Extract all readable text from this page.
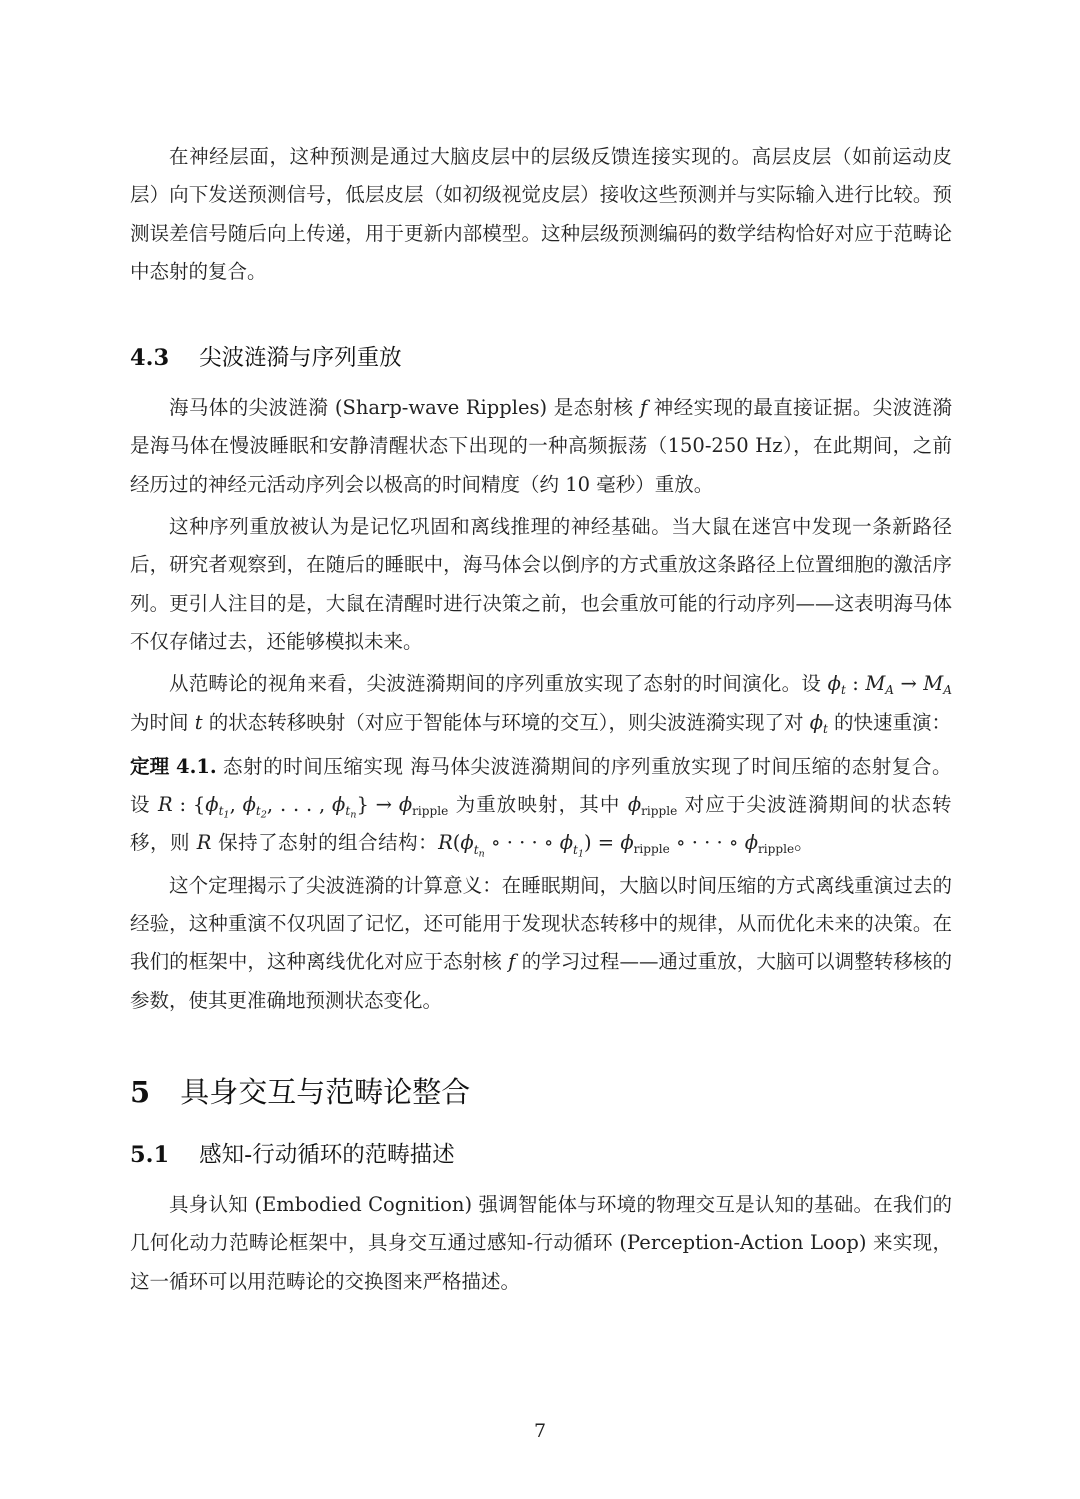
在神经层面，这种预测是通过大脑皮层中的层级反馈连接实现的。高层皮层（如前运动皮层）向下发送预测信号，低层皮层（如初级视觉皮层）接收这些预测并与实际输入进行比较。预测误差信号随后向上传递，用于更新内部模型。这种层级预测编码的数学结构恰好对应于范畴论中态射的复合。

4.3 尖波涟漪与序列重放

海马体的尖波涟漪 (Sharp-wave Ripples) 是态射核 f 神经实现的最直接证据。尖波涟漪是海马体在慢波睡眠和安静清醒状态下出现的一种高频振荡（150-250 Hz），在此期间，之前经历过的神经元活动序列会以极高的时间精度（约 10 毫秒）重放。

这种序列重放被认为是记忆巩固和离线推理的神经基础。当大鼠在迷宫中发现一条新路径后，研究者观察到，在随后的睡眠中，海马体会以倒序的方式重放这条路径上位置细胞的激活序列。更引人注目的是，大鼠在清醒时进行决策之前，也会重放可能的行动序列——这表明海马体不仅存储过去，还能够模拟未来。

从范畴论的视角来看，尖波涟漪期间的序列重放实现了态射的时间演化。设 $\phi_t$ : $M_A \to M_A$ 为时间 t 的状态转移映射（对应于智能体与环境的交互），则尖波涟漪实现了对 $\phi_t$ 的快速重演：

定理 4.1. 态射的时间压缩实现 海马体尖波涟漪期间的序列重放实现了时间压缩的态射复合。设 R : {$\phi_{t_1}$, $\phi_{t_2}$, . . . , $\phi_{t_n}\} \to \phi_{ripple}$ 为重放映射，其中 $\phi_{ripple}$ 对应于尖波涟漪期间的状态转移，则 R 保持了态射的组合结构：$R(\phi_{t_n}$ ∘ · · · ∘ $\phi_{t_1}) = \phi_{ripple}$ ∘ · · · ∘ $\phi_{ripple}$。

这个定理揭示了尖波涟漪的计算意义：在睡眠期间，大脑以时间压缩的方式离线重演过去的经验，这种重演不仅巩固了记忆，还可能用于发现状态转移中的规律，从而优化未来的决策。在我们的框架中，这种离线优化对应于态射核 f 的学习过程——通过重放，大脑可以调整转移核的参数，使其更准确地预测状态变化。

5 具身交互与范畴论整合
5.1 感知-行动循环的范畴描述

具身认知 (Embodied Cognition) 强调智能体与环境的物理交互是认知的基础。在我们的几何化动力范畴论框架中，具身交互通过感知-行动循环 (Perception-Action Loop) 来实现，这一循环可以用范畴论的交换图来严格描述。

7
